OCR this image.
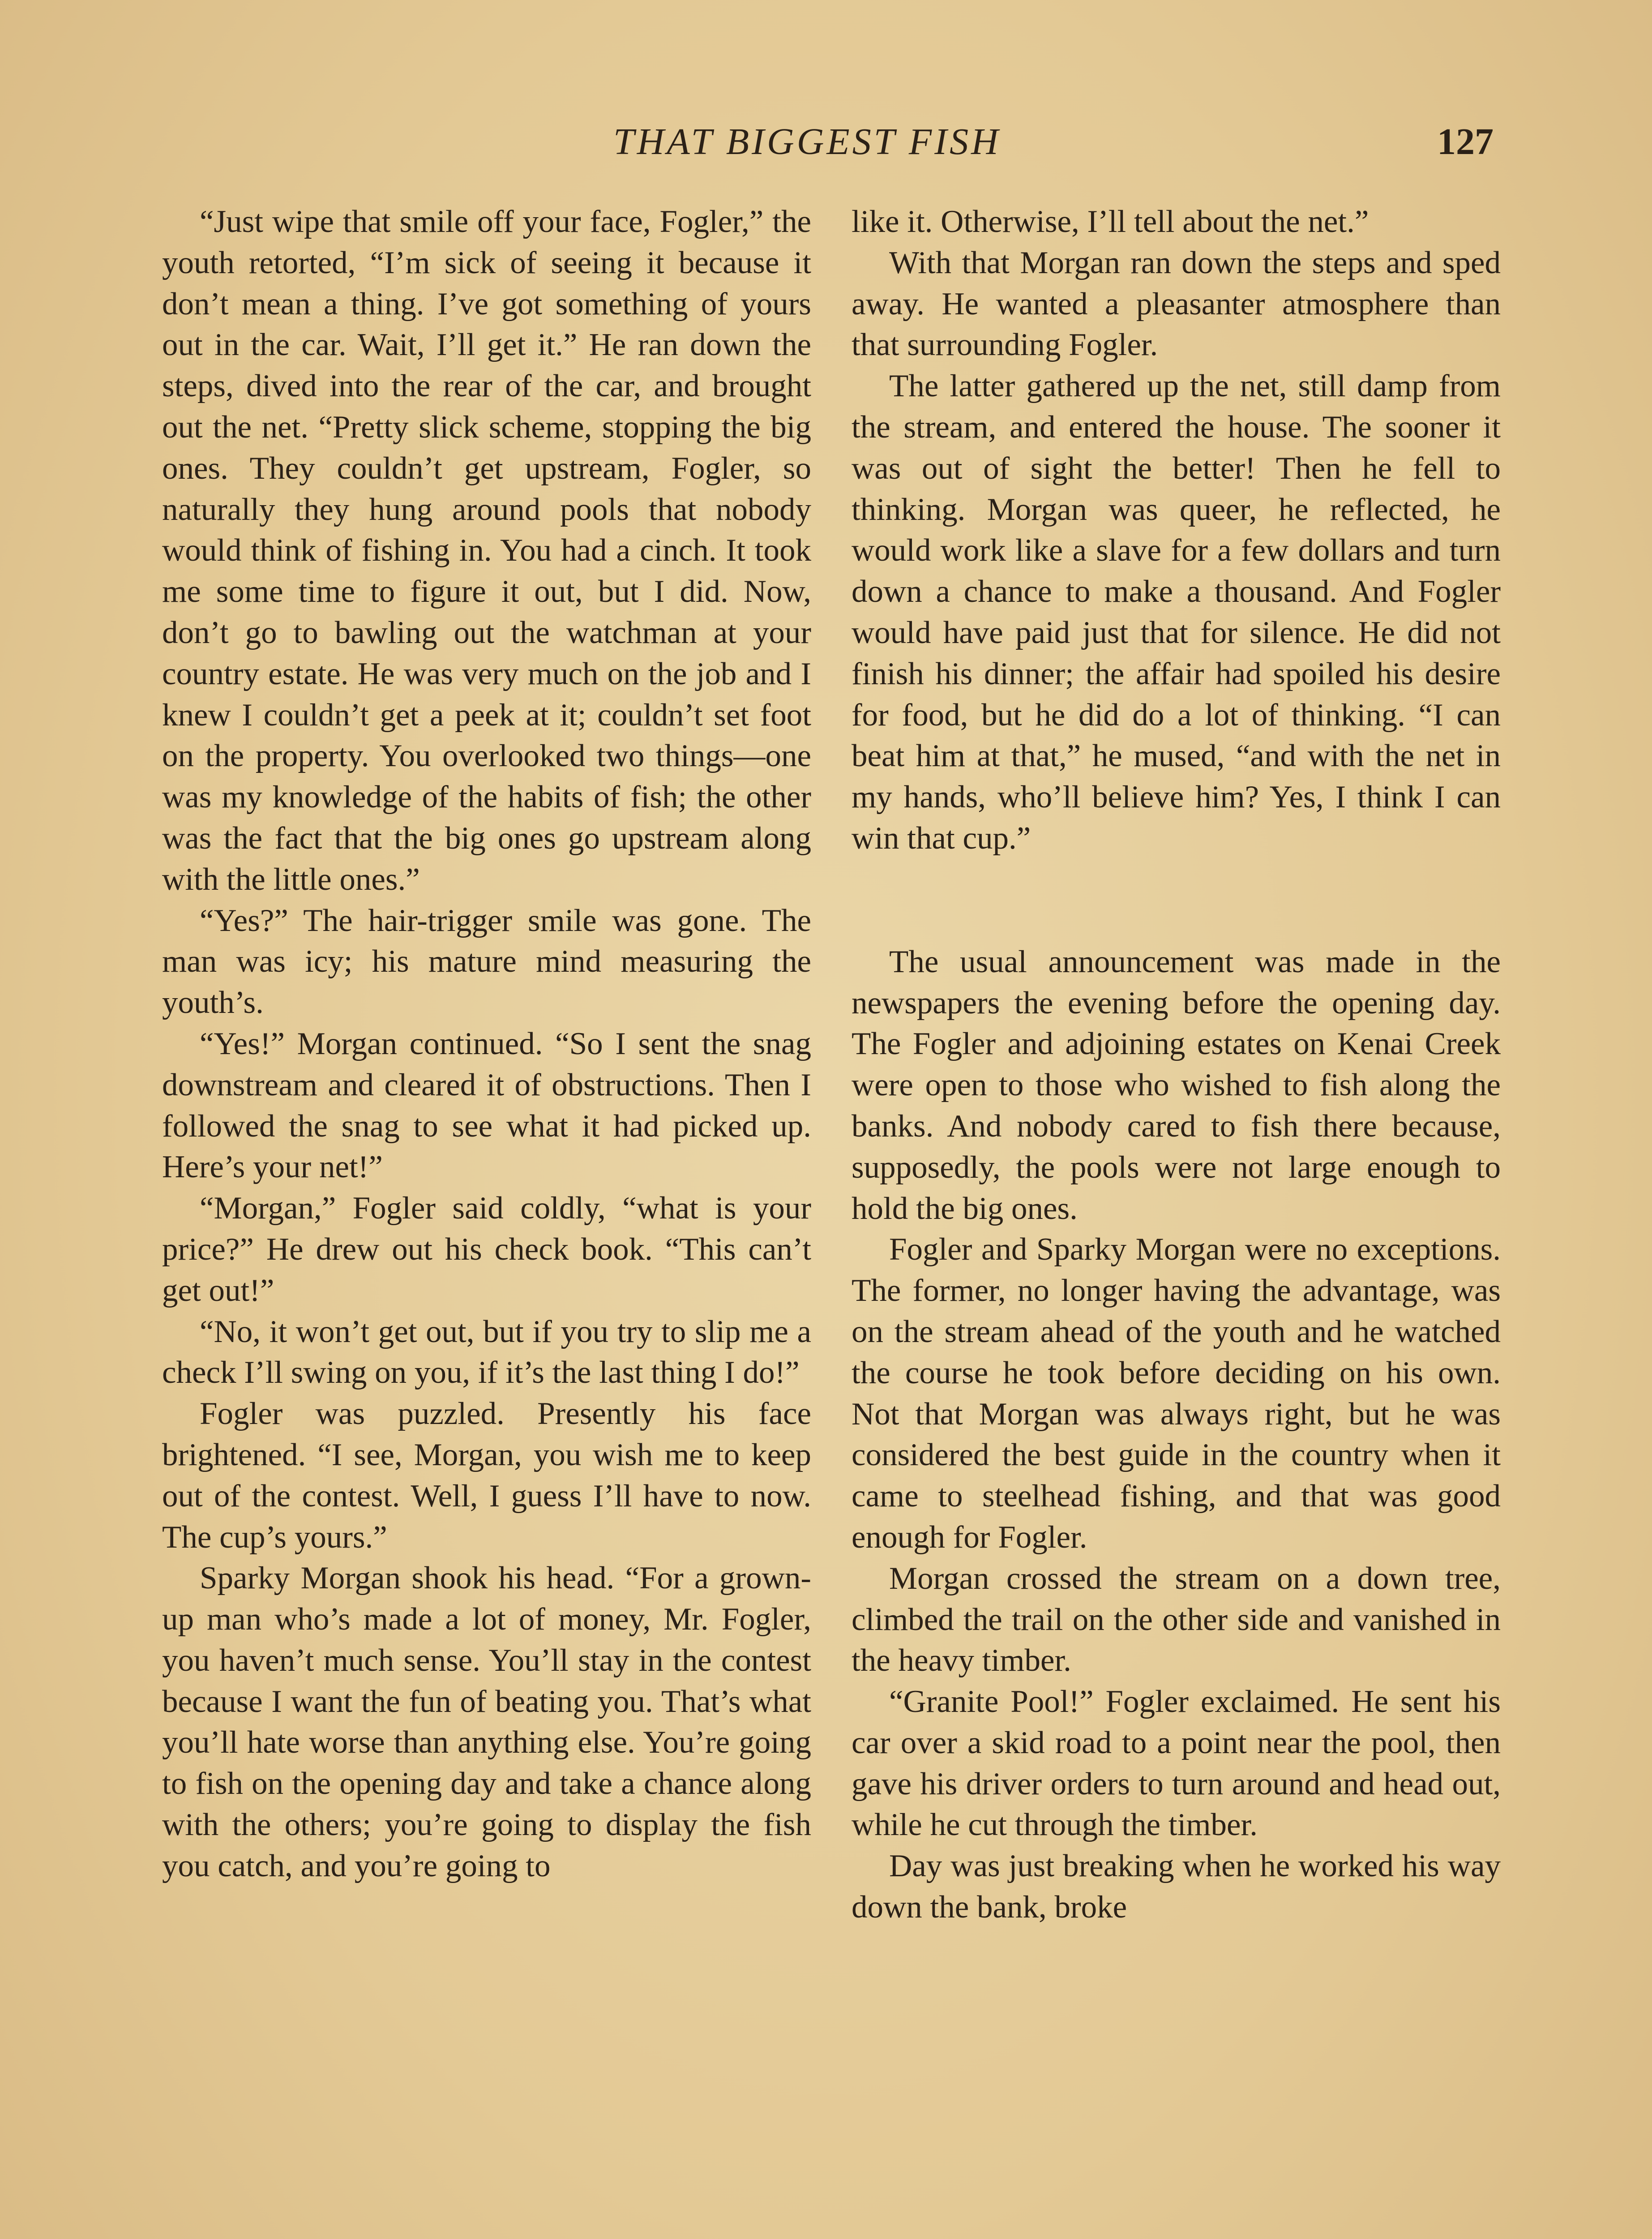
THAT BIGGEST FISH	127

“Just wipe that smile off your face, Fogler,” the youth retorted, “I’m sick of seeing it because it don’t mean a thing. I’ve got something of yours out in the car. Wait, I’ll get it.” He ran down the steps, dived into the rear of the car, and brought out the net. “Pretty slick scheme, stopping the big ones. They couldn’t get upstream, Fogler, so naturally they hung around pools that nobody would think of fishing in. You had a cinch. It took me some time to figure it out, but I did. Now, don’t go to bawling out the watchman at your country estate. He was very much on the job and I knew I couldn’t get a peek at it; couldn’t set foot on the property. You overlooked two things—one was my knowledge of the habits of fish; the other was the fact that the big ones go upstream along with the little ones.”

“Yes?” The hair-trigger smile was gone. The man was icy; his mature mind measuring the youth’s.

“Yes!” Morgan continued. “So I sent the snag downstream and cleared it of obstructions. Then I followed the snag to see what it had picked up. Here’s your net!”

“Morgan,” Fogler said coldly, “what is your price?” He drew out his check book. “This can’t get out!”

“No, it won’t get out, but if you try to slip me a check I’ll swing on you, if it’s the last thing I do!”

Fogler was puzzled. Presently his face brightened. “I see, Morgan, you wish me to keep out of the contest. Well, I guess I’ll have to now. The cup’s yours.”

Sparky Morgan shook his head. “For a grown-up man who’s made a lot of money, Mr. Fogler, you haven’t much sense. You’ll stay in the contest because I want the fun of beating you. That’s what you’ll hate worse than anything else. You’re going to fish on the opening day and take a chance along with the others; you’re going to display the fish you catch, and you’re going to

like it. Otherwise, I’ll tell about the net.”

With that Morgan ran down the steps and sped away. He wanted a pleasanter atmosphere than that surrounding Fogler.

The latter gathered up the net, still damp from the stream, and entered the house. The sooner it was out of sight the better! Then he fell to thinking. Morgan was queer, he reflected, he would work like a slave for a few dollars and turn down a chance to make a thousand. And Fogler would have paid just that for silence. He did not finish his dinner; the affair had spoiled his desire for food, but he did do a lot of thinking. “I can beat him at that,” he mused, “and with the net in my hands, who’ll believe him? Yes, I think I can win that cup.”

The usual announcement was made in the newspapers the evening before the opening day. The Fogler and adjoining estates on Kenai Creek were open to those who wished to fish along the banks. And nobody cared to fish there because, supposedly, the pools were not large enough to hold the big ones.

Fogler and Sparky Morgan were no exceptions. The former, no longer having the advantage, was on the stream ahead of the youth and he watched the course he took before deciding on his own. Not that Morgan was always right, but he was considered the best guide in the country when it came to steelhead fishing, and that was good enough for Fogler.

Morgan crossed the stream on a down tree, climbed the trail on the other side and vanished in the heavy timber.

“Granite Pool!” Fogler exclaimed. He sent his car over a skid road to a point near the pool, then gave his driver orders to turn around and head out, while he cut through the timber.

Day was just breaking when he worked his way down the bank, broke
